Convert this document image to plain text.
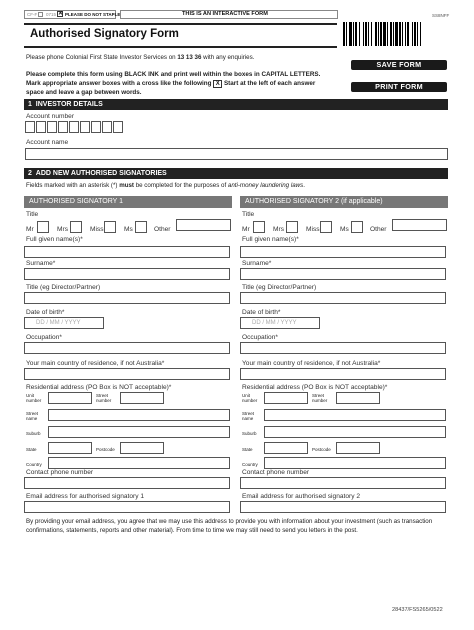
CF-F 0715 ✕ PLEASE DO NOT STAPLE	THIS IS AN INTERACTIVE FORM	SS8NFF
Authorised Signatory Form
Please phone Colonial First State Investor Services on 13 13 36 with any enquiries.
SAVE FORM
PRINT FORM
Please complete this form using BLACK INK and print well within the boxes in CAPITAL LETTERS.
Mark appropriate answer boxes with a cross like the following X Start at the left of each answer
space and leave a gap between words.
1 INVESTOR DETAILS
Account number
Account name
2 ADD NEW AUTHORISED SIGNATORIES
Fields marked with an asterisk (*) must be completed for the purposes of anti-money laundering laws.
AUTHORISED SIGNATORY 1
Title
Mr	Mrs	Miss	Ms	Other
Full given name(s)*
Surname*
Title (eg Director/Partner)
Date of birth*
DD / MM / YYYY
Occupation*
Your main country of residence, if not Australia*
Residential address (PO Box is NOT acceptable)*
Unit number
Street number
Street name
Suburb
State	Postcode
Country
Contact phone number
Email address for authorised signatory 1
AUTHORISED SIGNATORY 2 (if applicable)
Title
Mr	Mrs	Miss	Ms	Other
Full given name(s)*
Surname*
Title (eg Director/Partner)
Date of birth*
DD / MM / YYYY
Occupation*
Your main country of residence, if not Australia*
Residential address (PO Box is NOT acceptable)*
Unit number
Street number
Street name
Suburb
State	Postcode
Country
Contact phone number
Email address for authorised signatory 2
By providing your email address, you agree that we may use this address to provide you with information about your investment (such as transaction confirmations, statements, reports and other material). From time to time we may still need to send you letters in the post.
28437/FS5265/0522
